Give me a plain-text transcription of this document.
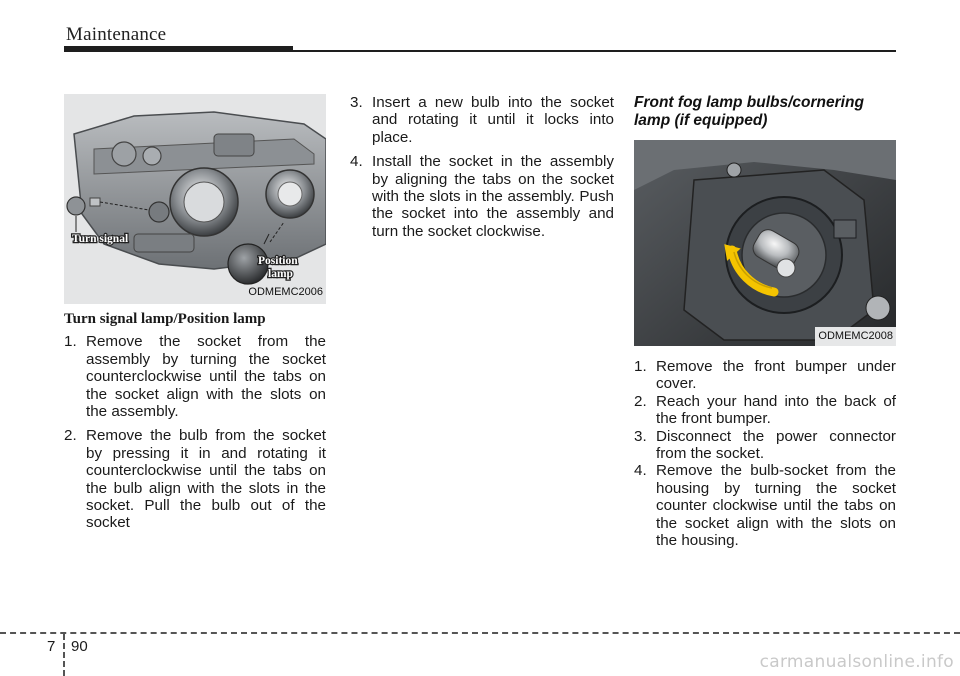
Maintenance
Turn signal
Position
lamp
ODMEMC2006
Turn signal lamp/Position lamp
1. Remove the socket from the assembly by turning the socket counterclockwise until the tabs on the socket align with the slots on the assembly.
2. Remove the bulb from the socket by pressing it in and rotating it counterclockwise until the tabs on the bulb align with the slots in the socket. Pull the bulb out of the socket
3. Insert a new bulb into the socket and rotating it until it locks into place.
4. Install the socket in the assembly by aligning the tabs on the socket with the slots in the assembly. Push the socket into the assembly and turn the socket clockwise.
Front fog lamp bulbs/cornering lamp (if equipped)
ODMEMC2008
1. Remove the front bumper under cover.
2. Reach your hand into the back of the front bumper.
3. Disconnect the power connector from the socket.
4. Remove the bulb-socket from the housing by turning the socket counter clockwise until the tabs on the socket align with the slots on the housing.
7 90
carmanualsonline.info
